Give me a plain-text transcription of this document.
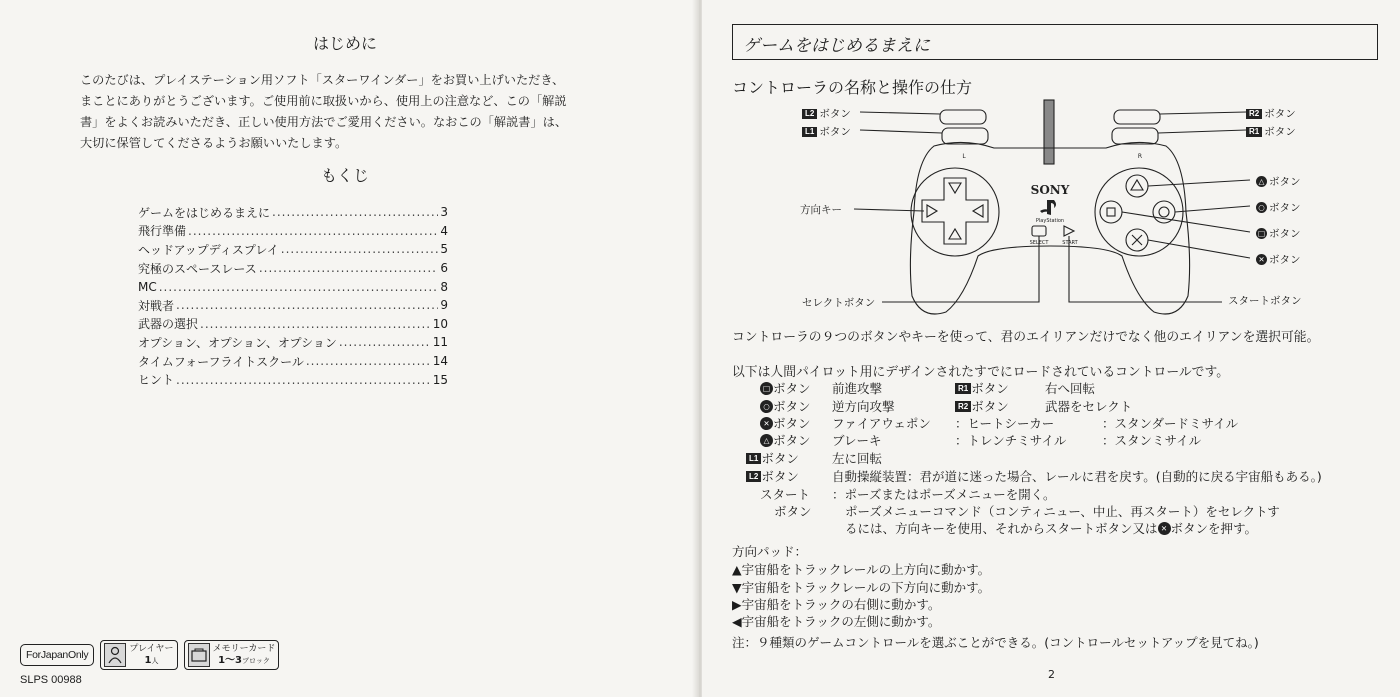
はじめに
このたびは、プレイステーション用ソフト「スターワインダー」をお買い上げいただき、
まことにありがとうございます。ご使用前に取扱いから、使用上の注意など、この「解説
書」をよくお読みいただき、正しい使用方法でご愛用ください。なおこの「解説書」は、
大切に保管してくださるようお願いいたします。
もくじ
ゲームをはじめるまえに .....	3
飛行準備 .....	4
ヘッドアップディスプレイ .....	5
究極のスペースレース .....	6
MC .....	8
対戦者 .....	9
武器の選択 .....	10
オプション、オプション、オプション .....	11
タイムフォーフライトスクール .....	14
ヒント .....	15
ForJapanOnly
プレイヤー
1人
メモリーカード
1～3ブロック
SLPS 00988
ゲームをはじめるまえに
コントローラの名称と操作の仕方
SONY
PlayStation
SELECT	START
L	R
L2 ボタン
L1 ボタン
R2 ボタン
R1 ボタン
方向キー
△ ボタン
○ ボタン
□ ボタン
✕ ボタン
セレクトボタン	スタートボタン
コントローラの９つのボタンやキーを使って、君のエイリアンだけでなく他のエイリアンを選択可能。
以下は人間パイロット用にデザインされたすでにロードされているコントロールです。
□ ボタン 前進攻撃	R1 ボタン	右へ回転
○ ボタン 逆方向攻撃	R2 ボタン	武器をセレクト
✕ ボタン ファイアウェポン ：ヒートシーカー	：スタンダードミサイル
△ ボタン ブレーキ	：トレンチミサイル	：スタンミサイル
L1 ボタン	左に回転
L2 ボタン	自動操縦装置：君が道に迷った場合、レールに君を戻す。(自動的に戻る宇宙船もある。)
スタート ：ポーズまたはポーズメニューを開く。
ボタン	ポーズメニューコマンド（コンティニュー、中止、再スタート）をセレクトす
るには、方向キーを使用、それからスタートボタン又は ✕ ボタンを押す。
方向パッド：
▲宇宙船をトラックレールの上方向に動かす。
▼宇宙船をトラックレールの下方向に動かす。
▶宇宙船をトラックの右側に動かす。
◀宇宙船をトラックの左側に動かす。
注：９種類のゲームコントロールを選ぶことができる。(コントロールセットアップを見てね。)
2
